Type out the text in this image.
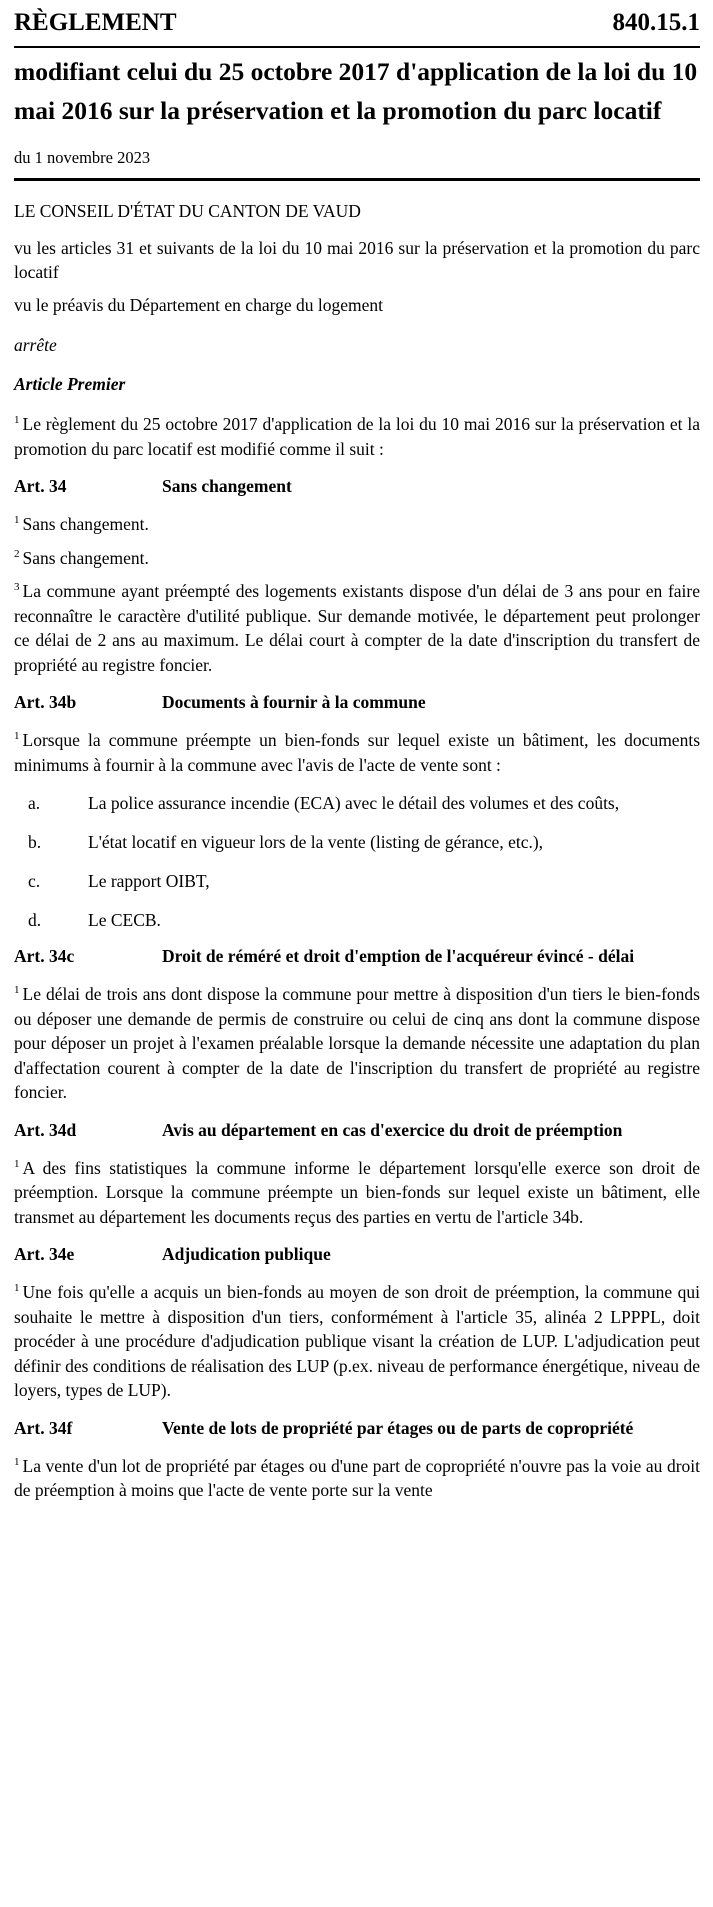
RÈGLEMENT	840.15.1
modifiant celui du 25 octobre 2017 d'application de la loi du 10 mai 2016 sur la préservation et la promotion du parc locatif
du 1 novembre 2023

LE CONSEIL D'ÉTAT DU CANTON DE VAUD

vu les articles 31 et suivants de la loi du 10 mai 2016 sur la préservation et la promotion du parc locatif

vu le préavis du Département en charge du logement

arrête

Article Premier

$^1$ Le règlement du 25 octobre 2017 d'application de la loi du 10 mai 2016 sur la préservation et la promotion du parc locatif est modifié comme il suit :

Art. 34	Sans changement

$^1$ Sans changement.

$^2$ Sans changement.

$^3$ La commune ayant préempté des logements existants dispose d'un délai de 3 ans pour en faire reconnaître le caractère d'utilité publique. Sur demande motivée, le département peut prolonger ce délai de 2 ans au maximum. Le délai court à compter de la date d'inscription du transfert de propriété au registre foncier.

Art. 34b	Documents à fournir à la commune

$^1$ Lorsque la commune préempte un bien-fonds sur lequel existe un bâtiment, les documents minimums à fournir à la commune avec l'avis de l'acte de vente sont :

a.	La police assurance incendie (ECA) avec le détail des volumes et des coûts,
b.	L'état locatif en vigueur lors de la vente (listing de gérance, etc.),
c.	Le rapport OIBT,
d.	Le CECB.
Art. 34c	Droit de réméré et droit d'emption de l'acquéreur évincé - délai

$^1$ Le délai de trois ans dont dispose la commune pour mettre à disposition d'un tiers le bien-fonds ou déposer une demande de permis de construire ou celui de cinq ans dont la commune dispose pour déposer un projet à l'examen préalable lorsque la demande nécessite une adaptation du plan d'affectation courent à compter de la date de l'inscription du transfert de propriété au registre foncier.

Art. 34d	Avis au département en cas d'exercice du droit de préemption

$^1$ A des fins statistiques la commune informe le département lorsqu'elle exerce son droit de préemption. Lorsque la commune préempte un bien-fonds sur lequel existe un bâtiment, elle transmet au département les documents reçus des parties en vertu de l'article 34b.

Art. 34e	Adjudication publique

$^1$ Une fois qu'elle a acquis un bien-fonds au moyen de son droit de préemption, la commune qui souhaite le mettre à disposition d'un tiers, conformément à l'article 35, alinéa 2 LPPPL, doit procéder à une procédure d'adjudication publique visant la création de LUP. L'adjudication peut définir des conditions de réalisation des LUP (p.ex. niveau de performance énergétique, niveau de loyers, types de LUP).

Art. 34f	Vente de lots de propriété par étages ou de parts de copropriété

$^1$ La vente d'un lot de propriété par étages ou d'une part de copropriété n'ouvre pas la voie au droit de préemption à moins que l'acte de vente porte sur la vente
